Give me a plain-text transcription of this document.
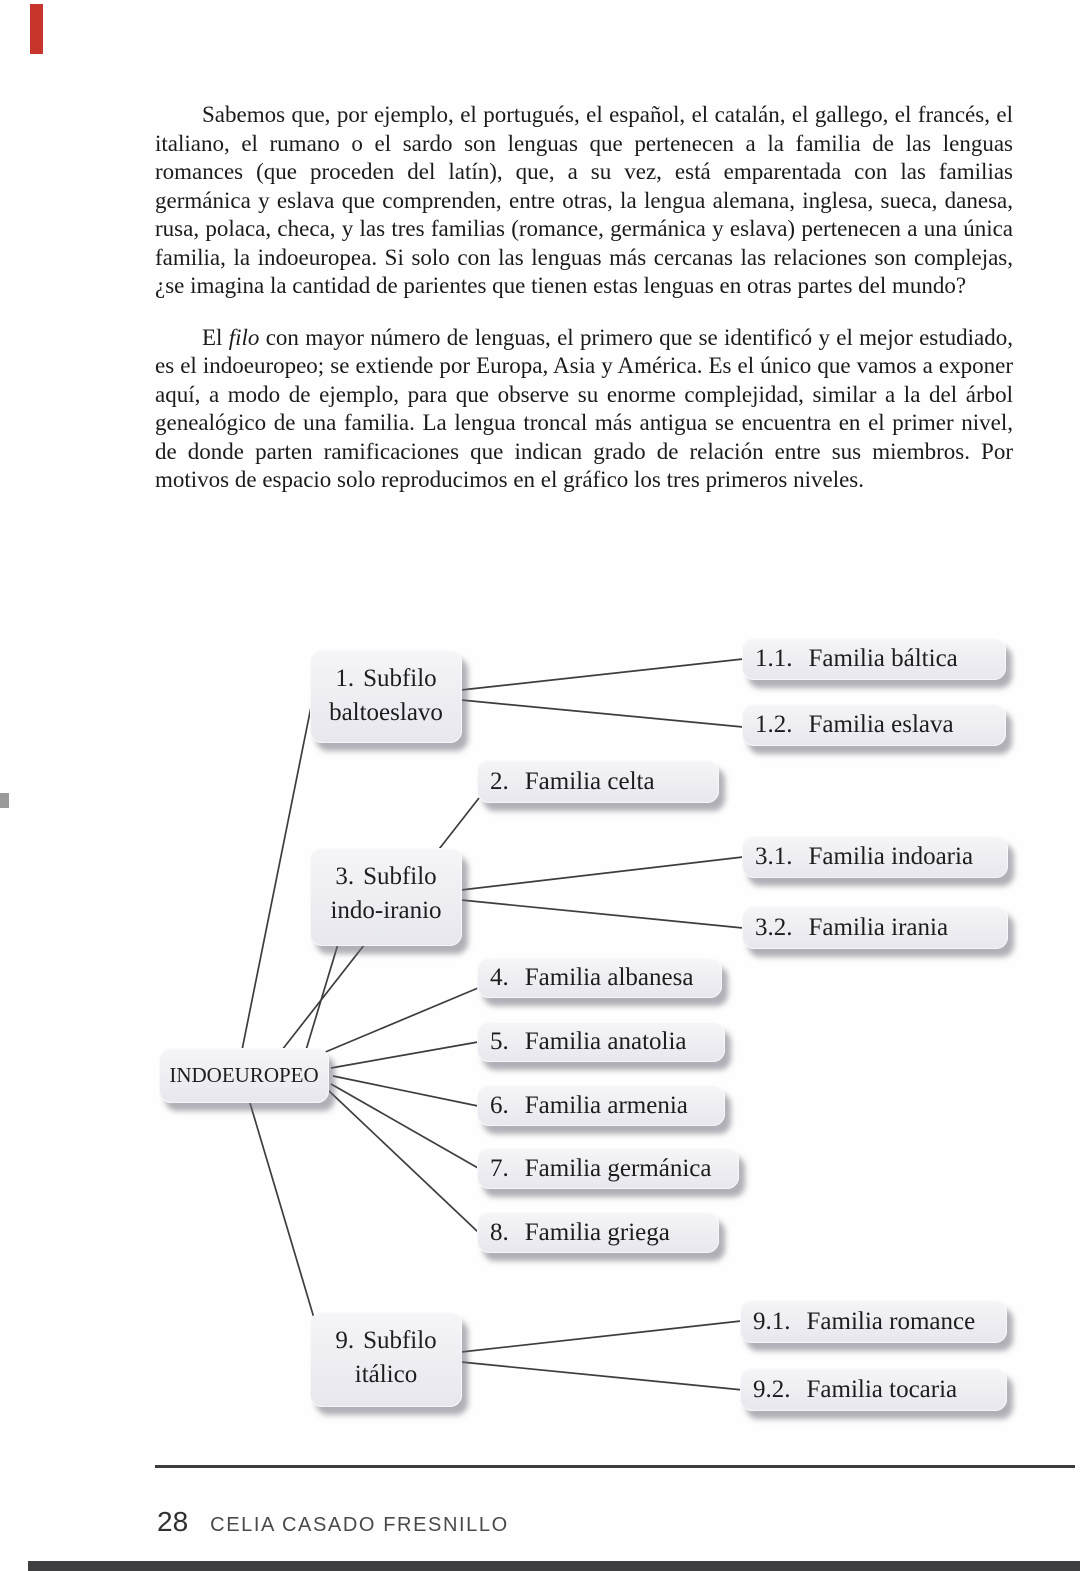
Sabemos que, por ejemplo, el portugués, el español, el catalán, el gallego, el francés, el italiano, el rumano o el sardo son lenguas que pertenecen a la familia de las lenguas romances (que proceden del latín), que, a su vez, está emparentada con las familias germánica y eslava que comprenden, entre otras, la lengua alemana, inglesa, sueca, danesa, rusa, polaca, checa, y las tres familias (romance, germánica y eslava) pertenecen a una única familia, la indoeuropea. Si solo con las lenguas más cercanas las relaciones son complejas, ¿se imagina la cantidad de parientes que tienen estas lenguas en otras partes del mundo?

El filo con mayor número de lenguas, el primero que se identificó y el mejor estudiado, es el indoeuropeo; se extiende por Europa, Asia y América. Es el único que vamos a exponer aquí, a modo de ejemplo, para que observe su enorme complejidad, similar a la del árbol genealógico de una familia. La lengua troncal más antigua se encuentra en el primer nivel, de donde parten ramificaciones que indican grado de relación entre sus miembros. Por motivos de espacio solo reproducimos en el gráfico los tres primeros niveles.

INDOEUROPEO
1. Subfilo baltoeslavo
1.1. Familia báltica
1.2. Familia eslava
2. Familia celta
3. Subfilo indo-iranio
3.1. Familia indoaria
3.2. Familia irania
4. Familia albanesa
5. Familia anatolia
6. Familia armenia
7. Familia germánica
8. Familia griega
9. Subfilo itálico
9.1. Familia romance
9.2. Familia tocaria
28 CELIA CASADO FRESNILLO
